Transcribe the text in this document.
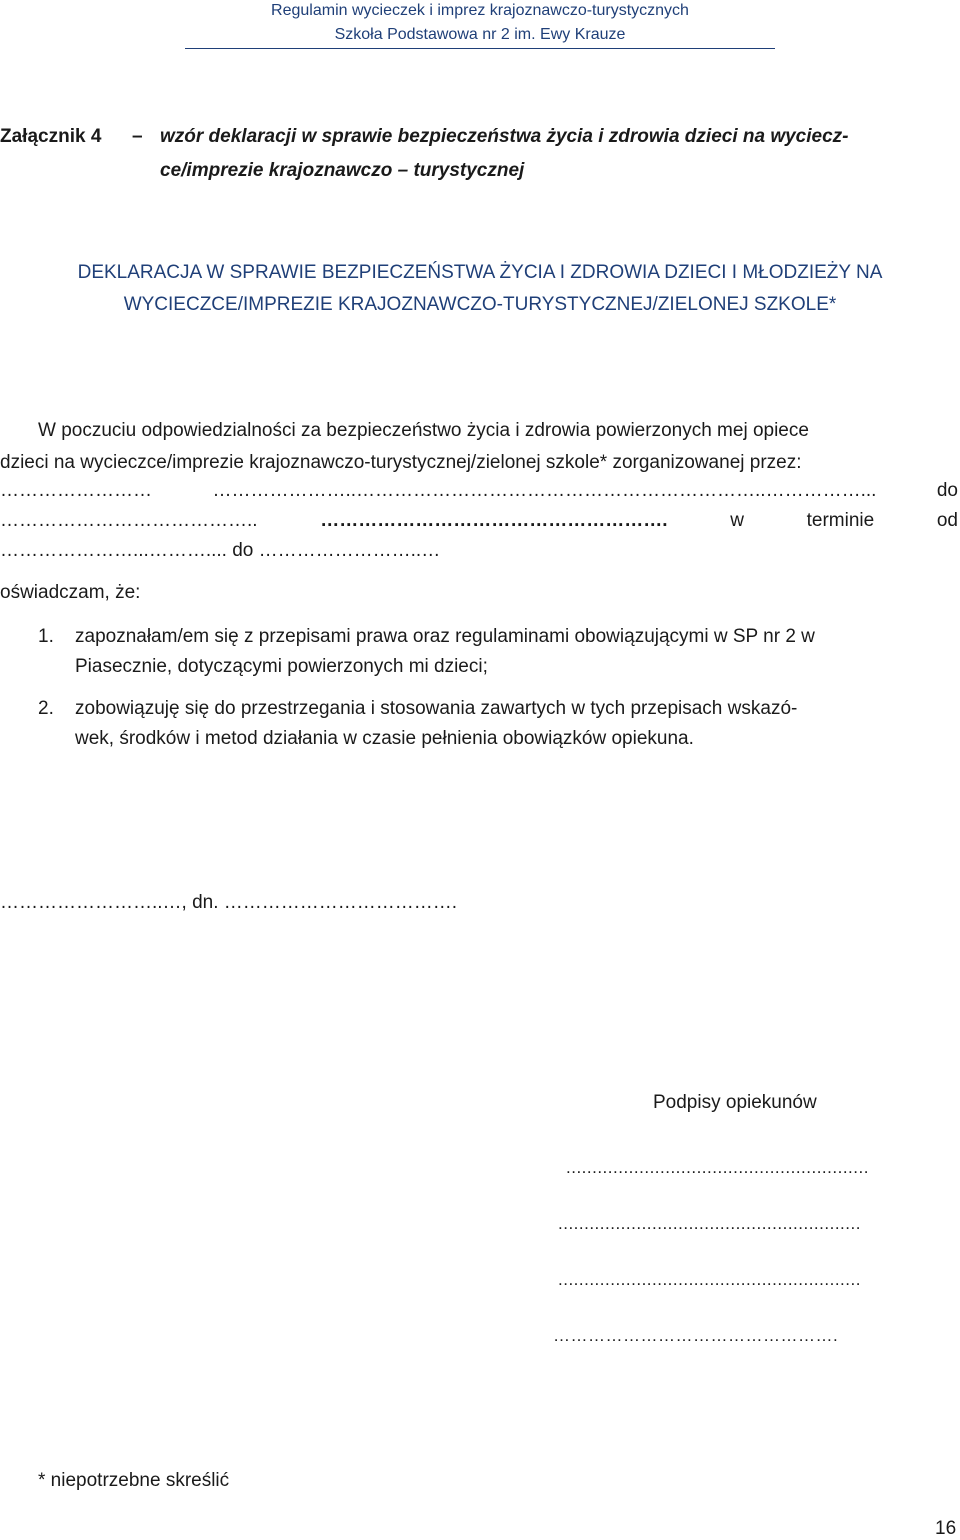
Regulamin wycieczek i imprez krajoznawczo-turystycznych
Szkoła Podstawowa nr 2 im. Ewy Krauze
Załącznik 4 – wzór deklaracji w sprawie bezpieczeństwa życia i zdrowia dzieci na wyciecz-
ce/imprezie krajoznawczo – turystycznej
DEKLARACJA W SPRAWIE BEZPIECZEŃSTWA ŻYCIA I ZDROWIA DZIECI I MŁODZIEŻY NA
WYCIECZCE/IMPREZIE KRAJOZNAWCZO-TURYSTYCZNEJ/ZIELONEJ SZKOLE*
W poczuciu odpowiedzialności za bezpieczeństwo życia i zdrowia powierzonych mej opiece
dzieci na wycieczce/imprezie krajoznawczo-turystycznej/zielonej szkole* zorganizowanej przez:
……………………	…………………..………………………………………………………..……………...	do
…………………………………..	……………………………………………….	w	terminie	od
…………………...……….... do ……………………..…
oświadczam, że:
1. zapoznałam/em się z przepisami prawa oraz regulaminami obowiązującymi w SP nr 2 w
Piasecznie, dotyczącymi powierzonych mi dzieci;
2. zobowiązuję się do przestrzegania i stosowania zawartych w tych przepisach wskazó-
wek, środków i metod działania w czasie pełnienia obowiązków opiekuna.
……………………..…, dn. ……………………………….
Podpisy opiekunów
..........................................................
..........................................................
..........................................................
………………………………………….
* niepotrzebne skreślić
16
